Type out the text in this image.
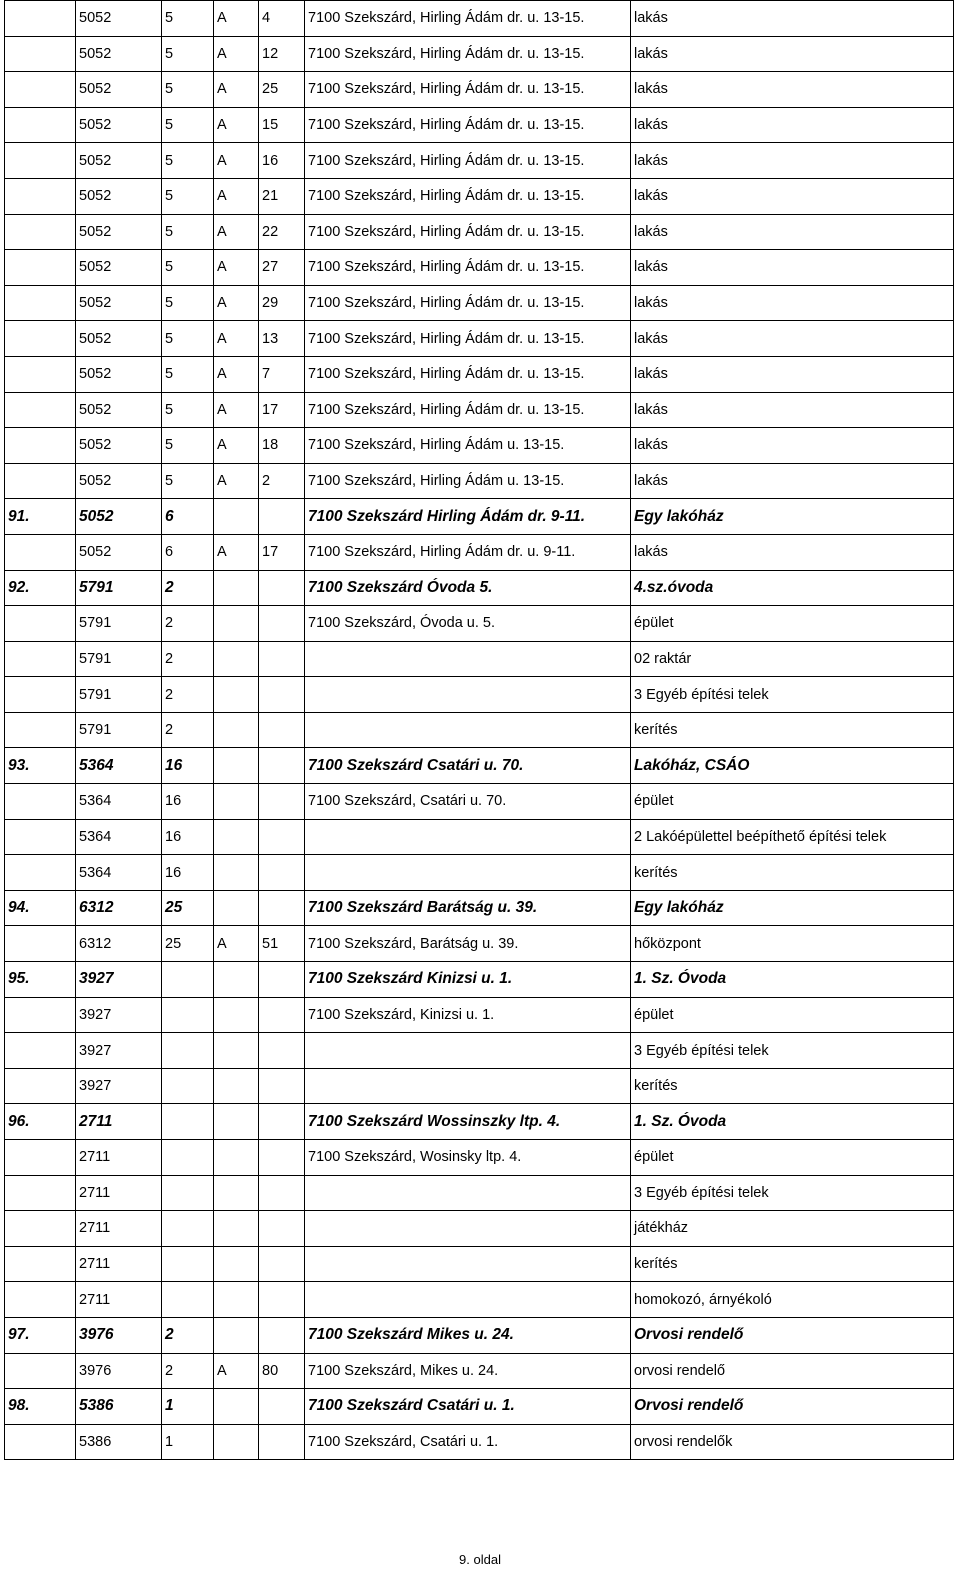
	5052	5	A	4	7100 Szekszárd, Hirling Ádám dr. u. 13-15.	lakás
	5052	5	A	12	7100 Szekszárd, Hirling Ádám dr. u. 13-15.	lakás
	5052	5	A	25	7100 Szekszárd, Hirling Ádám dr. u. 13-15.	lakás
	5052	5	A	15	7100 Szekszárd, Hirling Ádám dr. u. 13-15.	lakás
	5052	5	A	16	7100 Szekszárd, Hirling Ádám dr. u. 13-15.	lakás
	5052	5	A	21	7100 Szekszárd, Hirling Ádám dr. u. 13-15.	lakás
	5052	5	A	22	7100 Szekszárd, Hirling Ádám dr. u. 13-15.	lakás
	5052	5	A	27	7100 Szekszárd, Hirling Ádám dr. u. 13-15.	lakás
	5052	5	A	29	7100 Szekszárd, Hirling Ádám dr. u. 13-15.	lakás
	5052	5	A	13	7100 Szekszárd, Hirling Ádám dr. u. 13-15.	lakás
	5052	5	A	7	7100 Szekszárd, Hirling Ádám dr. u. 13-15.	lakás
	5052	5	A	17	7100 Szekszárd, Hirling Ádám dr. u. 13-15.	lakás
	5052	5	A	18	7100 Szekszárd, Hirling Ádám u. 13-15.	lakás
	5052	5	A	2	7100 Szekszárd, Hirling Ádám u. 13-15.	lakás
91.	5052	6			7100 Szekszárd Hirling Ádám dr. 9-11.	Egy lakóház
	5052	6	A	17	7100 Szekszárd, Hirling Ádám dr. u. 9-11.	lakás
92.	5791	2			7100 Szekszárd Óvoda 5.	4.sz.óvoda
	5791	2			7100 Szekszárd, Óvoda u. 5.	épület
	5791	2				02 raktár
	5791	2				3 Egyéb építési telek
	5791	2				kerítés
93.	5364	16			7100 Szekszárd Csatári u. 70.	Lakóház, CSÁO
	5364	16			7100 Szekszárd, Csatári u. 70.	épület
	5364	16				2 Lakóépülettel beépíthető építési telek
	5364	16				kerítés
94.	6312	25			7100 Szekszárd Barátság u. 39.	Egy lakóház
	6312	25	A	51	7100 Szekszárd, Barátság u. 39.	hőközpont
95.	3927				7100 Szekszárd Kinizsi u. 1.	1. Sz. Óvoda
	3927				7100 Szekszárd, Kinizsi u. 1.	épület
	3927					3 Egyéb építési telek
	3927					kerítés
96.	2711				7100 Szekszárd Wossinszky ltp. 4.	1. Sz. Óvoda
	2711				7100 Szekszárd, Wosinsky ltp. 4.	épület
	2711					3 Egyéb építési telek
	2711					játékház
	2711					kerítés
	2711					homokozó, árnyékoló
97.	3976	2			7100 Szekszárd Mikes u. 24.	Orvosi rendelő
	3976	2	A	80	7100 Szekszárd, Mikes u. 24.	orvosi rendelő
98.	5386	1			7100 Szekszárd Csatári u. 1.	Orvosi rendelő
	5386	1			7100 Szekszárd, Csatári u. 1.	orvosi rendelők
9. oldal
